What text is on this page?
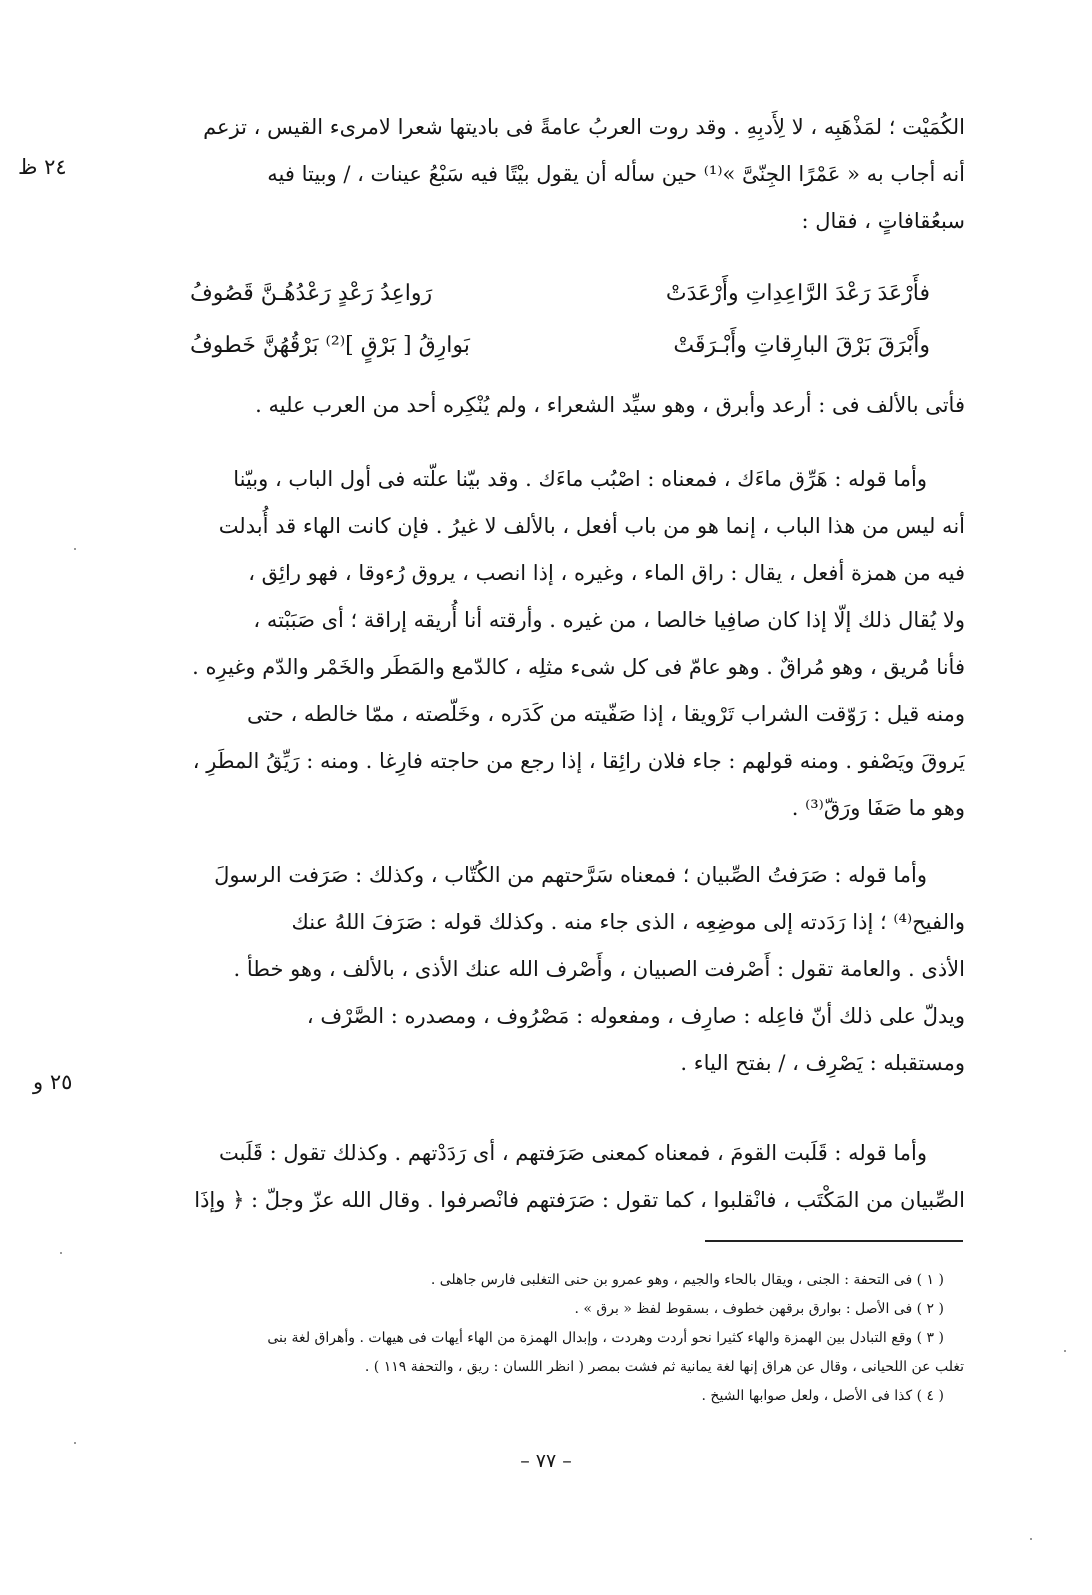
٢٤ ظ
٢٥ و
الكُمَيْت ؛ لمَذْهَبِه ، لا لِأَدبِهِ . وقد روت العربُ عامةً فى باديتها شعرا لامرىء القيس ، تزعم
أنه أجاب به « عَمْرًا الجِنّىَّ »⁽¹⁾ حين سأله أن يقول بيْتًا فيه سَبْعُ عينات ، / وبيتا فيه
سبعُقافاتٍ ، فقال :
فأَرْعَدَ رَعْدَ الرَّاعِدِاتِ وأَرْعَدَتْ
رَواعِدُ رَعْدٍ رَعْدُهُـنَّ قَصُوفُ
وأَبْرَقَ بَرْقَ البارِقاتِ وأَبْـرَقَتْ
بَوارِقُ [ بَرْقٍ ]⁽²⁾ بَرْقُهُنَّ خَطوفُ
فأتى بالألف فى : أرعد وأبرق ، وهو سيِّد الشعراء ، ولم يُنْكِره أحد من العرب عليه .
وأما قوله : هَرِّق ماءَك ، فمعناه : اصْبُب ماءَك . وقد بيّنا علّته فى أول الباب ، وبيّنا
أنه ليس من هذا الباب ، إنما هو من باب أفعل ، بالألف لا غيرُ . فإن كانت الهاء قد أُبدلت
فيه من همزة أفعل ، يقال : راق الماء ، وغيره ، إذا انصب ، يروق رُءوقا ، فهو رائِق ،
ولا يُقال ذلك إلّا إذا كان صافِيا خالصا ، من غيره . وأرقته أنا أُريقه إراقة ؛ أى صَبَبْته ،
فأنا مُريق ، وهو مُراقٌ . وهو عامّ فى كل شىء مثلِه ، كالدّمع والمَطَر والخَمْر والدّم وغيرِه .
ومنه قيل : رَوّقت الشراب تَرْويقا ، إذا صَفّيته من كَدَره ، وخَلّصته ، ممّا خالطه ، حتى
يَروقَ ويَصْفو . ومنه قولهم : جاء فلان رائِقا ، إذا رجع من حاجته فارِغا . ومنه : رَيِّقُ المطَرِ ،
وهو ما صَفَا ورَقّ⁽³⁾ .
وأما قوله : صَرَفتُ الصِّبيان ؛ فمعناه سَرَّحتهم من الكُتّاب ، وكذلك : صَرَفت الرسولَ
والفيح⁽⁴⁾ ؛ إذا رَدَدته إلى موضِعِه ، الذى جاء منه . وكذلك قوله : صَرَفَ اللهُ عنك
الأذى . والعامة تقول : أَصْرفت الصبيان ، وأَصْرف الله عنك الأذى ، بالألف ، وهو خطأ .
ويدلّ على ذلك أنّ فاعِله : صارِف ، ومفعوله : مَصْرُوف ، ومصدره : الصَّرْف ،
ومستقبله : يَصْرِف ، / بفتح الياء .
وأما قوله : قَلَبت القومَ ، فمعناه كمعنى صَرَفتهم ، أى رَدَدْتهم . وكذلك تقول : قَلَبت
الصِّبيان من المَكْتَب ، فانْقلبوا ، كما تقول : صَرَفتهم فانْصرفوا . وقال الله عزّ وجلّ : ﴿ وإذَا
( ١ ) فى التحفة : الجنى ، ويقال بالحاء والجيم ، وهو عمرو بن حنى التغلبى فارس جاهلى .
( ٢ ) فى الأصل : بوارق برقهن خطوف ، بسقوط لفظ « برق » .
( ٣ ) وقع التبادل بين الهمزة والهاء كثيرا نحو أردت وهردت ، وإبدال الهمزة من الهاء أيهات فى هيهات . وأهراق لغة بنى
تغلب عن اللحيانى ، وقال عن هراق إنها لغة يمانية ثم فشت بمصر ( انظر اللسان : ريق ، والتحفة ١١٩ ) .
( ٤ ) كذا فى الأصل ، ولعل صوابها الشيخ .
– ٧٧ –
